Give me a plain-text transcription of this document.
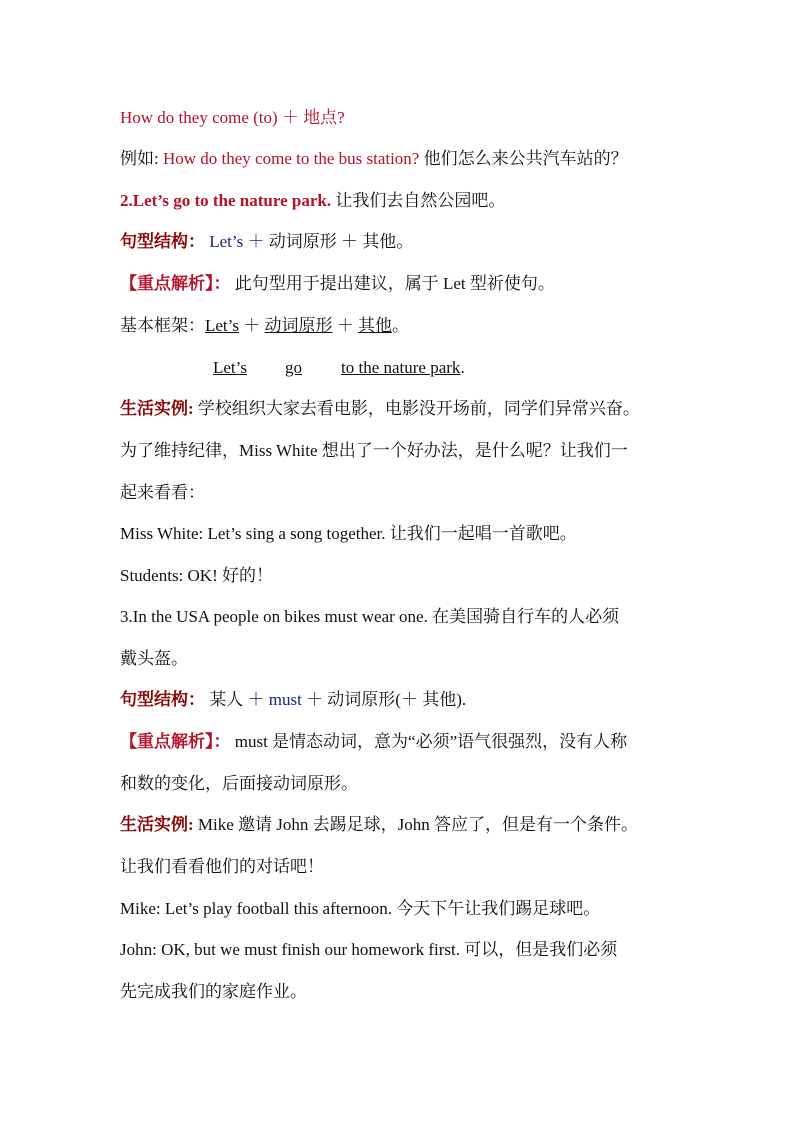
How do they come (to) ＋ 地点?
例如: How do they come to the bus station? 他们怎么来公共汽车站的？
2.Let’s go to the nature park. 让我们去自然公园吧。
句型结构： Let’s ＋ 动词原形 ＋ 其他。
【重点解析】： 此句型用于提出建议，属于 Let 型祈使句。
基本框架：Let’s ＋ 动词原形 ＋ 其他。
Let’s go to the nature park.
生活实例: 学校组织大家去看电影，电影没开场前，同学们异常兴奋。
为了维持纪律，Miss White 想出了一个好办法，是什么呢？让我们一
起来看看：
Miss White: Let’s sing a song together. 让我们一起唱一首歌吧。
Students: OK! 好的！
3.In the USA people on bikes must wear one. 在美国骑自行车的人必须
戴头盔。
句型结构： 某人 ＋ must ＋ 动词原形(＋ 其他).
【重点解析】： must 是情态动词，意为“必须”语气很强烈，没有人称
和数的变化，后面接动词原形。
生活实例: Mike 邀请 John 去踢足球，John 答应了，但是有一个条件。
让我们看看他们的对话吧！
Mike: Let’s play football this afternoon. 今天下午让我们踢足球吧。
John: OK, but we must finish our homework first. 可以，但是我们必须
先完成我们的家庭作业。
